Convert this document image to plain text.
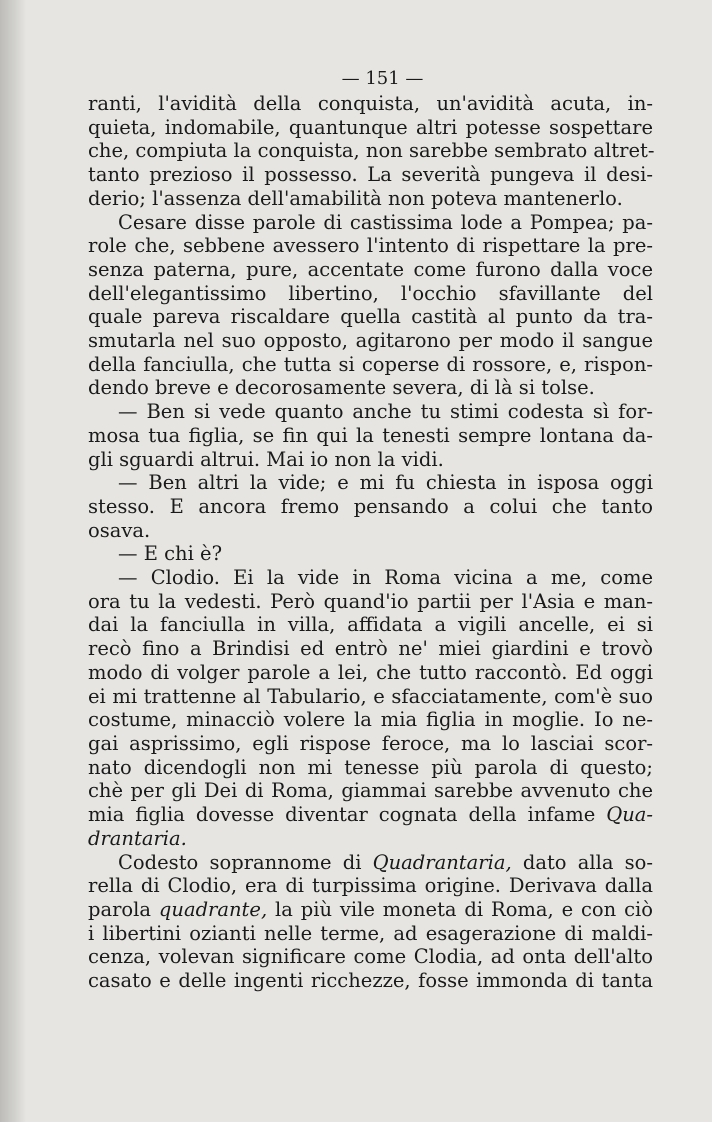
— 151 —

ranti, l'avidità della conquista, un'avidità acuta, in-
quieta, indomabile, quantunque altri potesse sospettare
che, compiuta la conquista, non sarebbe sembrato altret-
tanto prezioso il possesso. La severità pungeva il desi-
derio; l'assenza dell'amabilità non poteva mantenerlo.

Cesare disse parole di castissima lode a Pompea; pa-
role che, sebbene avessero l'intento di rispettare la pre-
senza paterna, pure, accentate come furono dalla voce
dell'elegantissimo libertino, l'occhio sfavillante del
quale pareva riscaldare quella castità al punto da tra-
smutarla nel suo opposto, agitarono per modo il sangue
della fanciulla, che tutta si coperse di rossore, e, rispon-
dendo breve e decorosamente severa, di là si tolse.

— Ben si vede quanto anche tu stimi codesta sì for-
mosa tua figlia, se fin qui la tenesti sempre lontana da-
gli sguardi altrui. Mai io non la vidi.

— Ben altri la vide; e mi fu chiesta in isposa oggi
stesso. E ancora fremo pensando a colui che tanto
osava.

— E chi è?

— Clodio. Ei la vide in Roma vicina a me, come
ora tu la vedesti. Però quand'io partii per l'Asia e man-
dai la fanciulla in villa, affidata a vigili ancelle, ei si
recò fino a Brindisi ed entrò ne' miei giardini e trovò
modo di volger parole a lei, che tutto raccontò. Ed oggi
ei mi trattenne al Tabulario, e sfacciatamente, com'è suo
costume, minacciò volere la mia figlia in moglie. Io ne-
gai asprissimo, egli rispose feroce, ma lo lasciai scor-
nato dicendogli non mi tenesse più parola di questo;
chè per gli Dei di Roma, giammai sarebbe avvenuto che
mia figlia dovesse diventar cognata della infame Qua-
drantaria.

Codesto soprannome di Quadrantaria, dato alla so-
rella di Clodio, era di turpissima origine. Derivava dalla
parola quadrante, la più vile moneta di Roma, e con ciò
i libertini ozianti nelle terme, ad esagerazione di maldi-
cenza, volevan significare come Clodia, ad onta dell'alto
casato e delle ingenti ricchezze, fosse immonda di tanta
